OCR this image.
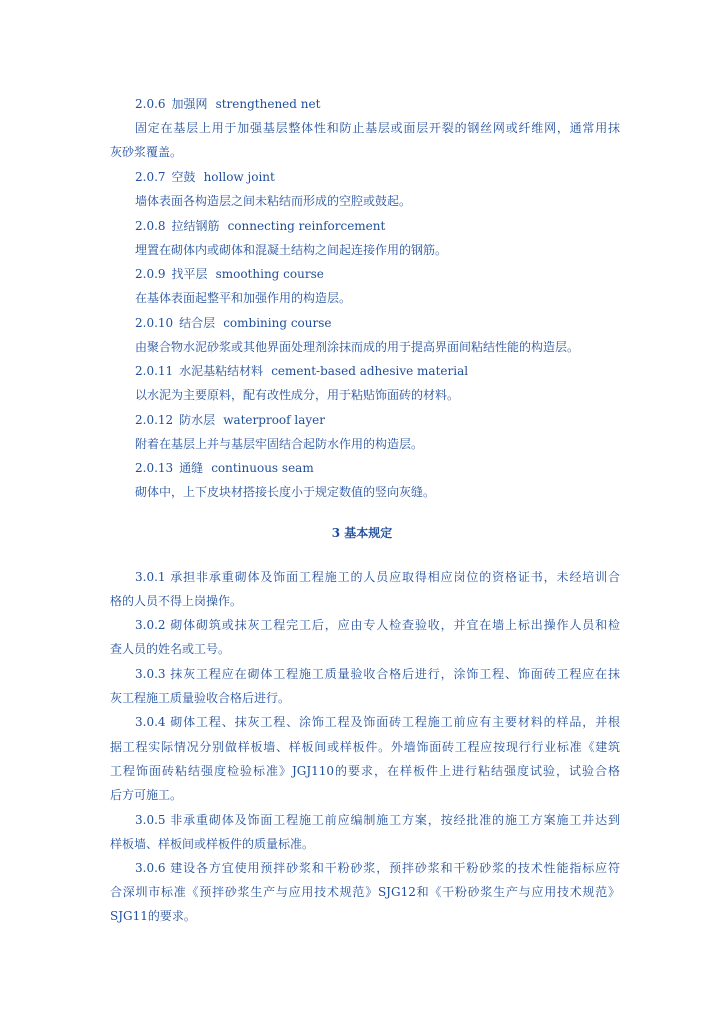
2.0.6 加强网 strengthened net
固定在基层上用于加强基层整体性和防止基层或面层开裂的钢丝网或纤维网，通常用抹
灰砂浆覆盖。
2.0.7 空鼓 hollow joint
墙体表面各构造层之间未粘结而形成的空腔或鼓起。
2.0.8 拉结钢筋 connecting reinforcement
埋置在砌体内或砌体和混凝土结构之间起连接作用的钢筋。
2.0.9 找平层 smoothing course
在基体表面起整平和加强作用的构造层。
2.0.10 结合层 combining course
由聚合物水泥砂浆或其他界面处理剂涂抹而成的用于提高界面间粘结性能的构造层。
2.0.11 水泥基粘结材料 cement-based adhesive material
以水泥为主要原料，配有改性成分，用于粘贴饰面砖的材料。
2.0.12 防水层 waterproof layer
附着在基层上并与基层牢固结合起防水作用的构造层。
2.0.13 通缝 continuous seam
砌体中，上下皮块材搭接长度小于规定数值的竖向灰缝。
3 基本规定
3.0.1 承担非承重砌体及饰面工程施工的人员应取得相应岗位的资格证书，未经培训合
格的人员不得上岗操作。
3.0.2 砌体砌筑或抹灰工程完工后，应由专人检查验收，并宜在墙上标出操作人员和检
查人员的姓名或工号。
3.0.3 抹灰工程应在砌体工程施工质量验收合格后进行，涂饰工程、饰面砖工程应在抹
灰工程施工质量验收合格后进行。
3.0.4 砌体工程、抹灰工程、涂饰工程及饰面砖工程施工前应有主要材料的样品，并根
据工程实际情况分别做样板墙、样板间或样板件。外墙饰面砖工程应按现行行业标准《建筑
工程饰面砖粘结强度检验标准》JGJ110的要求，在样板件上进行粘结强度试验，试验合格
后方可施工。
3.0.5 非承重砌体及饰面工程施工前应编制施工方案，按经批准的施工方案施工并达到
样板墙、样板间或样板件的质量标准。
3.0.6 建设各方宜使用预拌砂浆和干粉砂浆，预拌砂浆和干粉砂浆的技术性能指标应符
合深圳市标准《预拌砂浆生产与应用技术规范》SJG12和《干粉砂浆生产与应用技术规范》
SJG11的要求。
